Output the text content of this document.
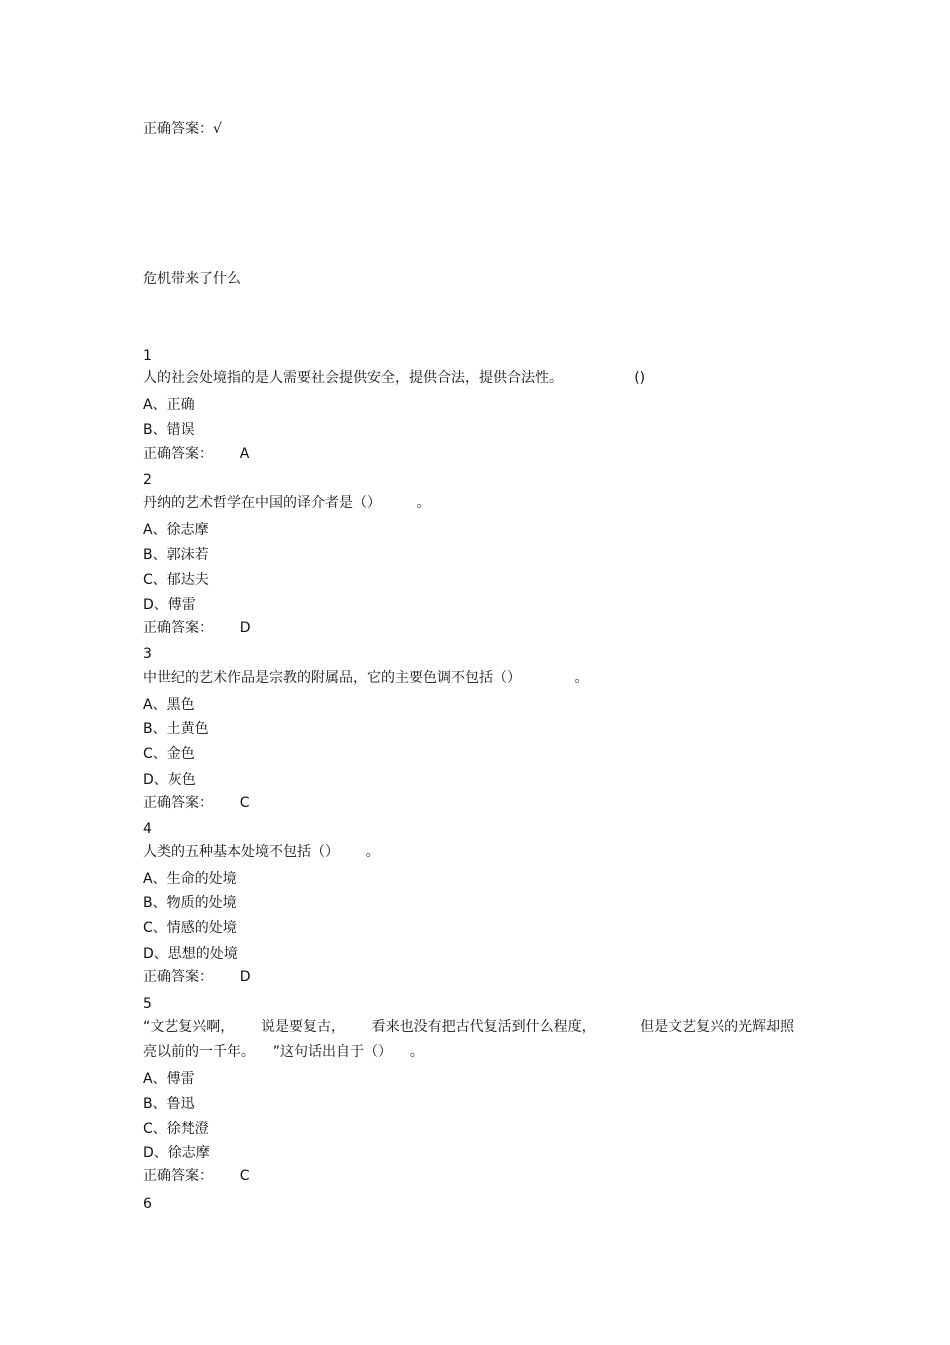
正确答案：√
危机带来了什么
1
人的社会处境指的是人需要社会提供安全，提供合法，提供合法性。                ()
A、正确
B、错误
正确答案：      A
2
丹纳的艺术哲学在中国的译介者是（）        。
A、徐志摩
B、郭沫若
C、郁达夫
D、傅雷
正确答案：      D
3
中世纪的艺术作品是宗教的附属品，它的主要色调不包括（）            。
A、黑色
B、土黄色
C、金色
D、灰色
正确答案：      C
4
人类的五种基本处境不包括（）      。
A、生命的处境
B、物质的处境
C、情感的处境
D、思想的处境
正确答案：      D
5
“文艺复兴啊，      说是要复古，      看来也没有把古代复活到什么程度，          但是文艺复兴的光辉却照
亮以前的一千年。    ”这句话出自于（）    。
A、傅雷
B、鲁迅
C、徐梵澄
D、徐志摩
正确答案：      C
6
